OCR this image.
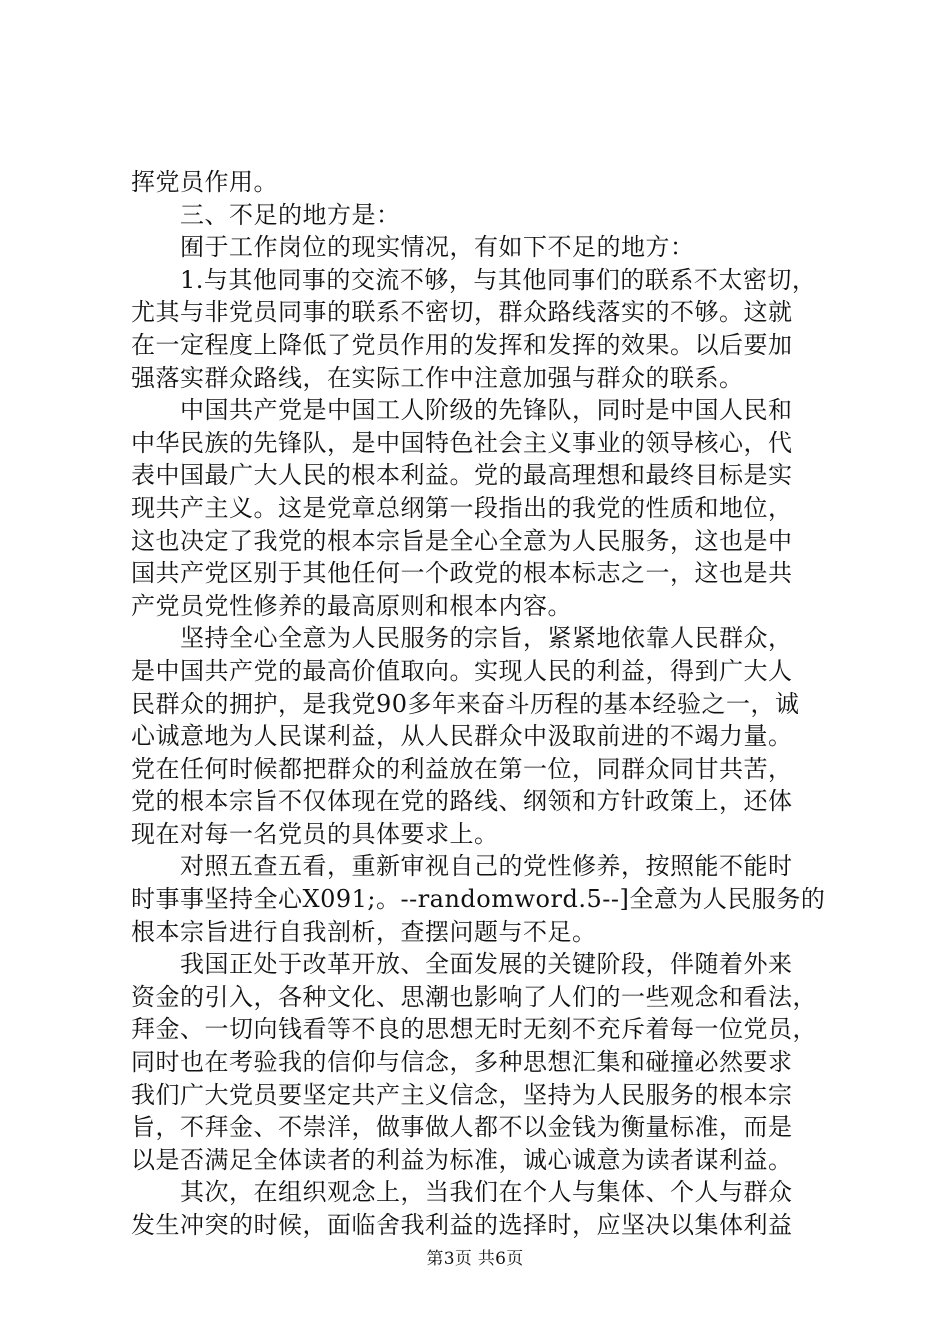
挥党员作用。
三、不足的地方是：
囿于工作岗位的现实情况，有如下不足的地方：
1.与其他同事的交流不够，与其他同事们的联系不太密切，
尤其与非党员同事的联系不密切，群众路线落实的不够。这就
在一定程度上降低了党员作用的发挥和发挥的效果。以后要加
强落实群众路线，在实际工作中注意加强与群众的联系。
中国共产党是中国工人阶级的先锋队，同时是中国人民和
中华民族的先锋队，是中国特色社会主义事业的领导核心，代
表中国最广大人民的根本利益。党的最高理想和最终目标是实
现共产主义。这是党章总纲第一段指出的我党的性质和地位，
这也决定了我党的根本宗旨是全心全意为人民服务，这也是中
国共产党区别于其他任何一个政党的根本标志之一，这也是共
产党员党性修养的最高原则和根本内容。
坚持全心全意为人民服务的宗旨，紧紧地依靠人民群众，
是中国共产党的最高价值取向。实现人民的利益，得到广大人
民群众的拥护，是我党90多年来奋斗历程的基本经验之一，诚
心诚意地为人民谋利益，从人民群众中汲取前进的不竭力量。
党在任何时候都把群众的利益放在第一位，同群众同甘共苦，
党的根本宗旨不仅体现在党的路线、纲领和方针政策上，还体
现在对每一名党员的具体要求上。
对照五查五看，重新审视自己的党性修养，按照能不能时
时事事坚持全心X091;。--randomword.5--]全意为人民服务的
根本宗旨进行自我剖析，查摆问题与不足。
我国正处于改革开放、全面发展的关键阶段，伴随着外来
资金的引入，各种文化、思潮也影响了人们的一些观念和看法，
拜金、一切向钱看等不良的思想无时无刻不充斥着每一位党员，
同时也在考验我的信仰与信念，多种思想汇集和碰撞必然要求
我们广大党员要坚定共产主义信念，坚持为人民服务的根本宗
旨，不拜金、不崇洋，做事做人都不以金钱为衡量标准，而是
以是否满足全体读者的利益为标准，诚心诚意为读者谋利益。
其次，在组织观念上，当我们在个人与集体、个人与群众
发生冲突的时候，面临舍我利益的选择时，应坚决以集体利益
第3页 共6页
